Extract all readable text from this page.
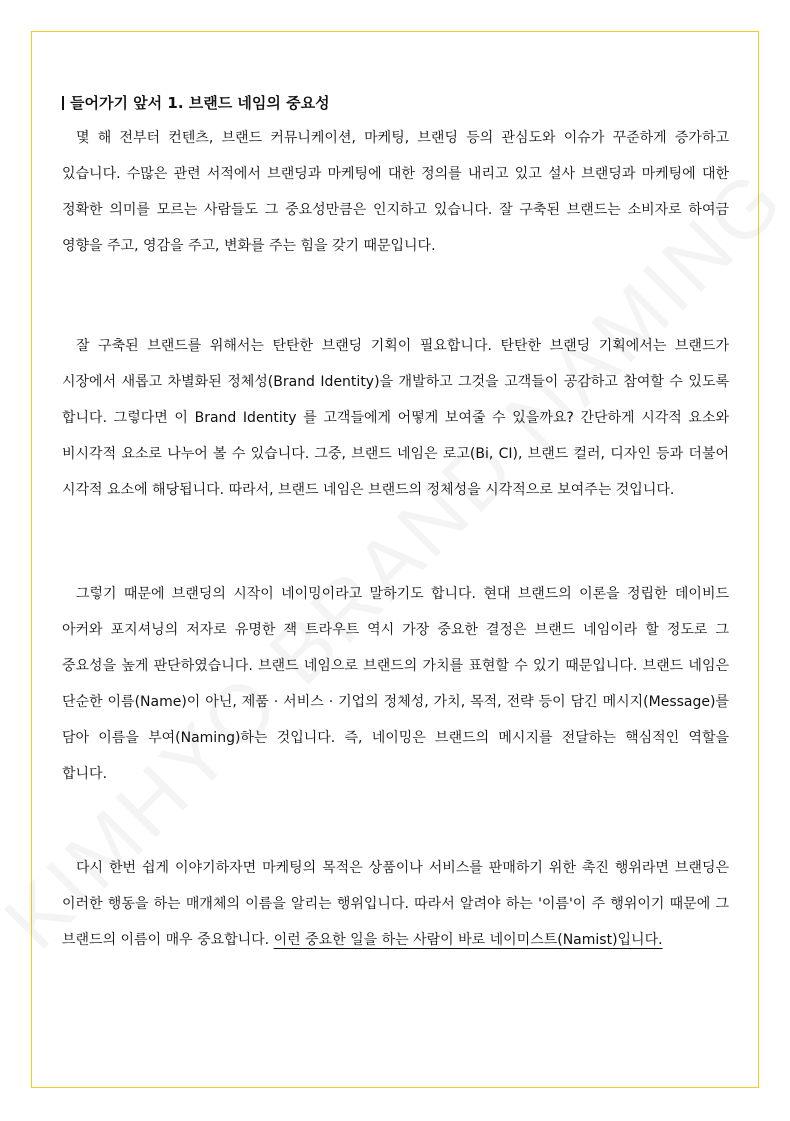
들어가기 앞서 1. 브랜드 네임의 중요성

몇 해 전부터 컨텐츠, 브랜드 커뮤니케이션, 마케팅, 브랜딩 등의 관심도와 이슈가 꾸준하게 증가하고 있습니다. 수많은 관련 서적에서 브랜딩과 마케팅에 대한 정의를 내리고 있고 설사 브랜딩과 마케팅에 대한 정확한 의미를 모르는 사람들도 그 중요성만큼은 인지하고 있습니다. 잘 구축된 브랜드는 소비자로 하여금 영향을 주고, 영감을 주고, 변화를 주는 힘을 갖기 때문입니다.

잘 구축된 브랜드를 위해서는 탄탄한 브랜딩 기획이 필요합니다. 탄탄한 브랜딩 기획에서는 브랜드가 시장에서 새롭고 차별화된 정체성(Brand Identity)을 개발하고 그것을 고객들이 공감하고 참여할 수 있도록 합니다. 그렇다면 이 Brand Identity 를 고객들에게 어떻게 보여줄 수 있을까요? 간단하게 시각적 요소와 비시각적 요소로 나누어 볼 수 있습니다. 그중, 브랜드 네임은 로고(Bi, CI), 브랜드 컬러, 디자인 등과 더불어 시각적 요소에 해당됩니다. 따라서, 브랜드 네임은 브랜드의 정체성을 시각적으로 보여주는 것입니다.

그렇기 때문에 브랜딩의 시작이 네이밍이라고 말하기도 합니다. 현대 브랜드의 이론을 정립한 데이비드 아커와 포지셔닝의 저자로 유명한 잭 트라우트 역시 가장 중요한 결정은 브랜드 네임이라 할 정도로 그 중요성을 높게 판단하였습니다. 브랜드 네임으로 브랜드의 가치를 표현할 수 있기 때문입니다. 브랜드 네임은 단순한 이름(Name)이 아닌, 제품 · 서비스 · 기업의 정체성, 가치, 목적, 전략 등이 담긴 메시지(Message)를 담아 이름을 부여(Naming)하는 것입니다. 즉, 네이밍은 브랜드의 메시지를 전달하는 핵심적인 역할을 합니다.

다시 한번 쉽게 이야기하자면 마케팅의 목적은 상품이나 서비스를 판매하기 위한 촉진 행위라면 브랜딩은 이러한 행동을 하는 매개체의 이름을 알리는 행위입니다. 따라서 알려야 하는 '이름'이 주 행위이기 때문에 그 브랜드의 이름이 매우 중요합니다. 이런 중요한 일을 하는 사람이 바로 네이미스트(Namist)입니다.
